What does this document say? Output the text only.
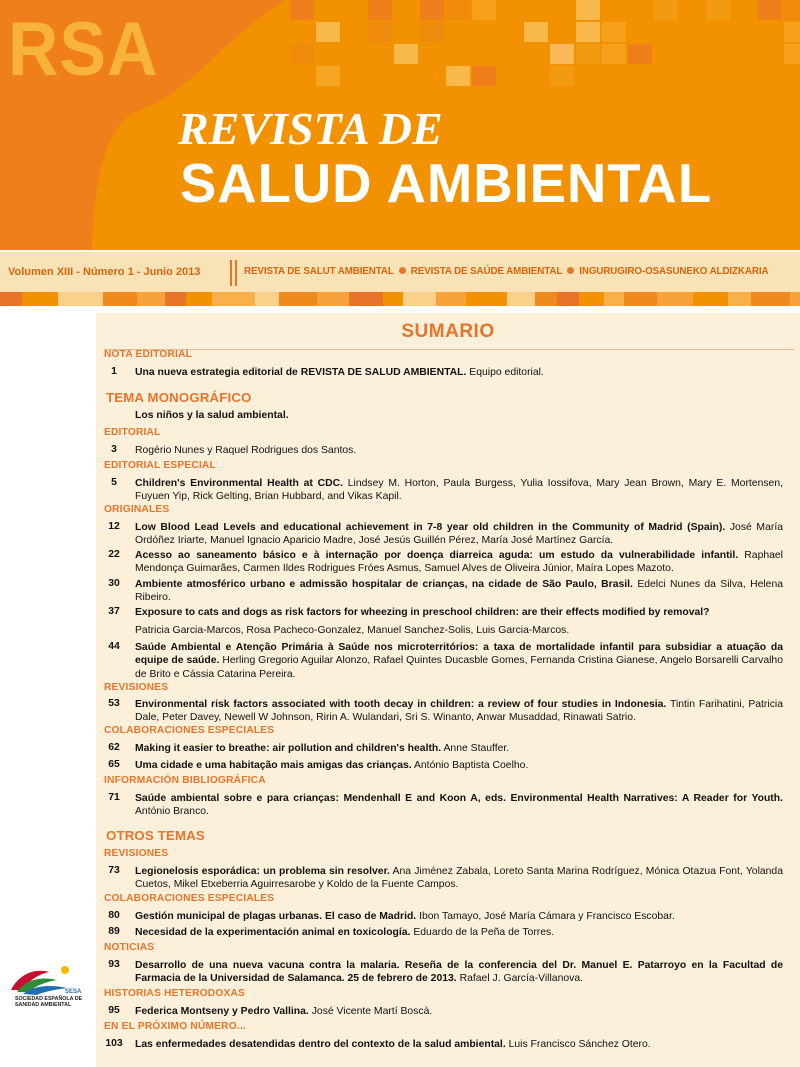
RSA
REVISTA DE
SALUD AMBIENTAL
Volumen XIII - Número 1 - Junio 2013	REVISTA DE SALUT AMBIENTAL REVISTA DE SAÚDE AMBIENTAL INGURUGIRO-OSASUNEKO ALDIZKARIA
SUMARIO
NOTA EDITORIAL
1	Una nueva estrategia editorial de REVISTA DE SALUD AMBIENTAL. Equipo editorial.
TEMA MONOGRÁFICO
Los niños y la salud ambiental.
EDITORIAL
3	Rogério Nunes y Raquel Rodrigues dos Santos.
EDITORIAL ESPECIAL
5	Children's Environmental Health at CDC. Lindsey M. Horton, Paula Burgess, Yulia Iossifova, Mary Jean Brown, Mary E. Mortensen, Fuyuen Yip, Rick Gelting, Brian Hubbard, and Vikas Kapil.
ORIGINALES
12	Low Blood Lead Levels and educational achievement in 7-8 year old children in the Community of Madrid (Spain). José María Ordóñez Iriarte, Manuel Ignacio Aparicio Madre, José Jesús Guillén Pérez, María José Martínez García.
22	Acesso ao saneamento básico e à internação por doença diarreica aguda: um estudo da vulnerabilidade infantil. Raphael Mendonça Guimarães, Carmen Ildes Rodrigues Fróes Asmus, Samuel Alves de Oliveira Júnior, Maíra Lopes Mazoto.
30	Ambiente atmosférico urbano e admissão hospitalar de crianças, na cidade de São Paulo, Brasil. Edelci Nunes da Silva, Helena Ribeiro.
37	Exposure to cats and dogs as risk factors for wheezing in preschool children: are their effects modified by removal?
Patricia Garcia-Marcos, Rosa Pacheco-Gonzalez, Manuel Sanchez-Solis, Luis Garcia-Marcos.
44	Saúde Ambiental e Atenção Primária à Saúde nos microterritórios: a taxa de mortalidade infantil para subsidiar a atuação da equipe de saúde. Herling Gregorio Aguilar Alonzo, Rafael Quintes Ducasble Gomes, Fernanda Cristina Gianese, Angelo Borsarelli Carvalho de Brito e Cássia Catarina Pereira.
REVISIONES
53	Environmental risk factors associated with tooth decay in children: a review of four studies in Indonesia. Tintin Farihatini, Patricia Dale, Peter Davey, Newell W Johnson, Ririn A. Wulandari, Sri S. Winanto, Anwar Musaddad, Rinawati Satrio.
COLABORACIONES ESPECIALES
62	Making it easier to breathe: air pollution and children's health. Anne Stauffer.
65	Uma cidade e uma habitação mais amigas das crianças. António Baptista Coelho.
INFORMACIÓN BIBLIOGRÁFICA
71	Saúde ambiental sobre e para crianças: Mendenhall E and Koon A, eds. Environmental Health Narratives: A Reader for Youth. António Branco.
OTROS TEMAS
REVISIONES
73	Legionelosis esporádica: un problema sin resolver. Ana Jiménez Zabala, Loreto Santa Marina Rodríguez, Mónica Otazua Font, Yolanda Cuetos, Mikel Etxeberria Aguirresarobe y Koldo de la Fuente Campos.
COLABORACIONES ESPECIALES
80	Gestión municipal de plagas urbanas. El caso de Madrid. Ibon Tamayo, José María Cámara y Francisco Escobar.
89	Necesidad de la experimentación animal en toxicología. Eduardo de la Peña de Torres.
NOTICIAS
93	Desarrollo de una nueva vacuna contra la malaria. Reseña de la conferencia del Dr. Manuel E. Patarroyo en la Facultad de Farmacia de la Universidad de Salamanca. 25 de febrero de 2013. Rafael J. García-Villanova.
HISTORIAS HETERODOXAS
95	Federica Montseny y Pedro Vallina. José Vicente Martí Boscà.
EN EL PRÓXIMO NÚMERO...
103	Las enfermedades desatendidas dentro del contexto de la salud ambiental. Luis Francisco Sánchez Otero.
SESA
SOCIEDAD ESPAÑOLA DE SANIDAD AMBIENTAL
